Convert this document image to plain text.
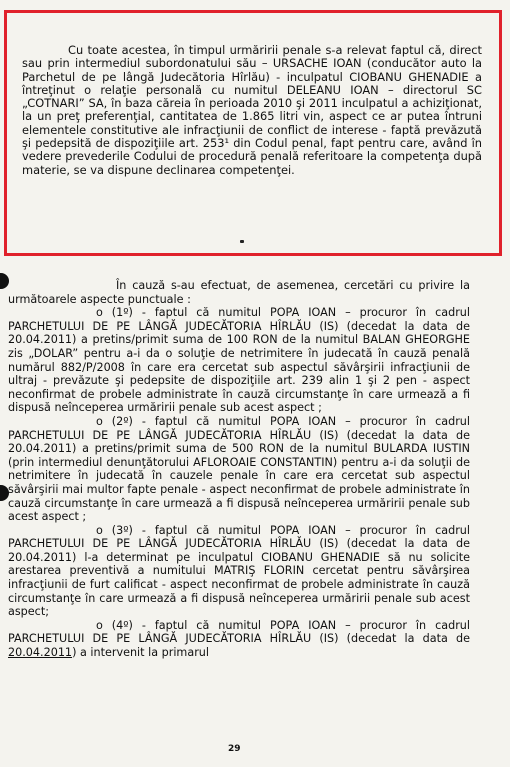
Cu toate acestea, în timpul urmăririi penale s-a relevat faptul că, direct sau prin intermediul subordonatului său – URSACHE IOAN (conducător auto la Parchetul de pe lângă Judecătoria Hîrlău) - inculpatul CIOBANU GHENADIE a întreţinut o relaţie personală cu numitul DELEANU IOAN – directorul SC „COTNARI” SA, în baza căreia în perioada 2010 şi 2011 inculpatul a achiziţionat, la un preţ preferenţial, cantitatea de 1.865 litri vin, aspect ce ar putea întruni elementele constitutive ale infracţiunii de conflict de interese - faptă prevăzută şi pedepsită de dispoziţiile art. 253¹ din Codul penal, fapt pentru care, având în vedere prevederile Codului de procedură penală referitoare la competenţa după materie, se va dispune declinarea competenţei.

În cauză s-au efectuat, de asemenea, cercetări cu privire la următoarele aspecte punctuale :

o (1º) - faptul că numitul POPA IOAN – procuror în cadrul PARCHETULUI DE PE LÂNGĂ JUDECĂTORIA HÎRLĂU (IS) (decedat la data de 20.04.2011) a pretins/primit suma de 100 RON de la numitul BALAN GHEORGHE zis „DOLAR” pentru a-i da o soluţie de netrimitere în judecată în cauză penală numărul 882/P/2008 în care era cercetat sub aspectul săvârşirii infracţiunii de ultraj - prevăzute şi pedepsite de dispoziţiile art. 239 alin 1 şi 2 pen - aspect neconfirmat de probele administrate în cauză circumstanţe în care urmează a fi dispusă neînceperea urmăririi penale sub acest aspect ;

o (2º) - faptul că numitul POPA IOAN – procuror în cadrul PARCHETULUI DE PE LÂNGĂ JUDECĂTORIA HÎRLĂU (IS) (decedat la data de 20.04.2011) a pretins/primit suma de 500 RON de la numitul BULARDA IUSTIN (prin intermediul denunţătorului AFLOROAIE CONSTANTIN) pentru a-i da soluţii de netrimitere în judecată în cauzele penale în care era cercetat sub aspectul săvârşirii mai multor fapte penale - aspect neconfirmat de probele administrate în cauză circumstanţe în care urmează a fi dispusă neînceperea urmăririi penale sub acest aspect ;

o (3º) - faptul că numitul POPA IOAN – procuror în cadrul PARCHETULUI DE PE LÂNGĂ JUDECĂTORIA HÎRLĂU (IS) (decedat la data de 20.04.2011) l-a determinat pe inculpatul CIOBANU GHENADIE să nu solicite arestarea preventivă a numitului MATRIŞ FLORIN cercetat pentru săvârşirea infracţiunii de furt calificat - aspect neconfirmat de probele administrate în cauză circumstanţe în care urmează a fi dispusă neînceperea urmăririi penale sub acest aspect;

o (4º) - faptul că numitul POPA IOAN – procuror în cadrul PARCHETULUI DE PE LÂNGĂ JUDECĂTORIA HÎRLĂU (IS) (decedat la data de 20.04.2011) a intervenit la primarul

29
